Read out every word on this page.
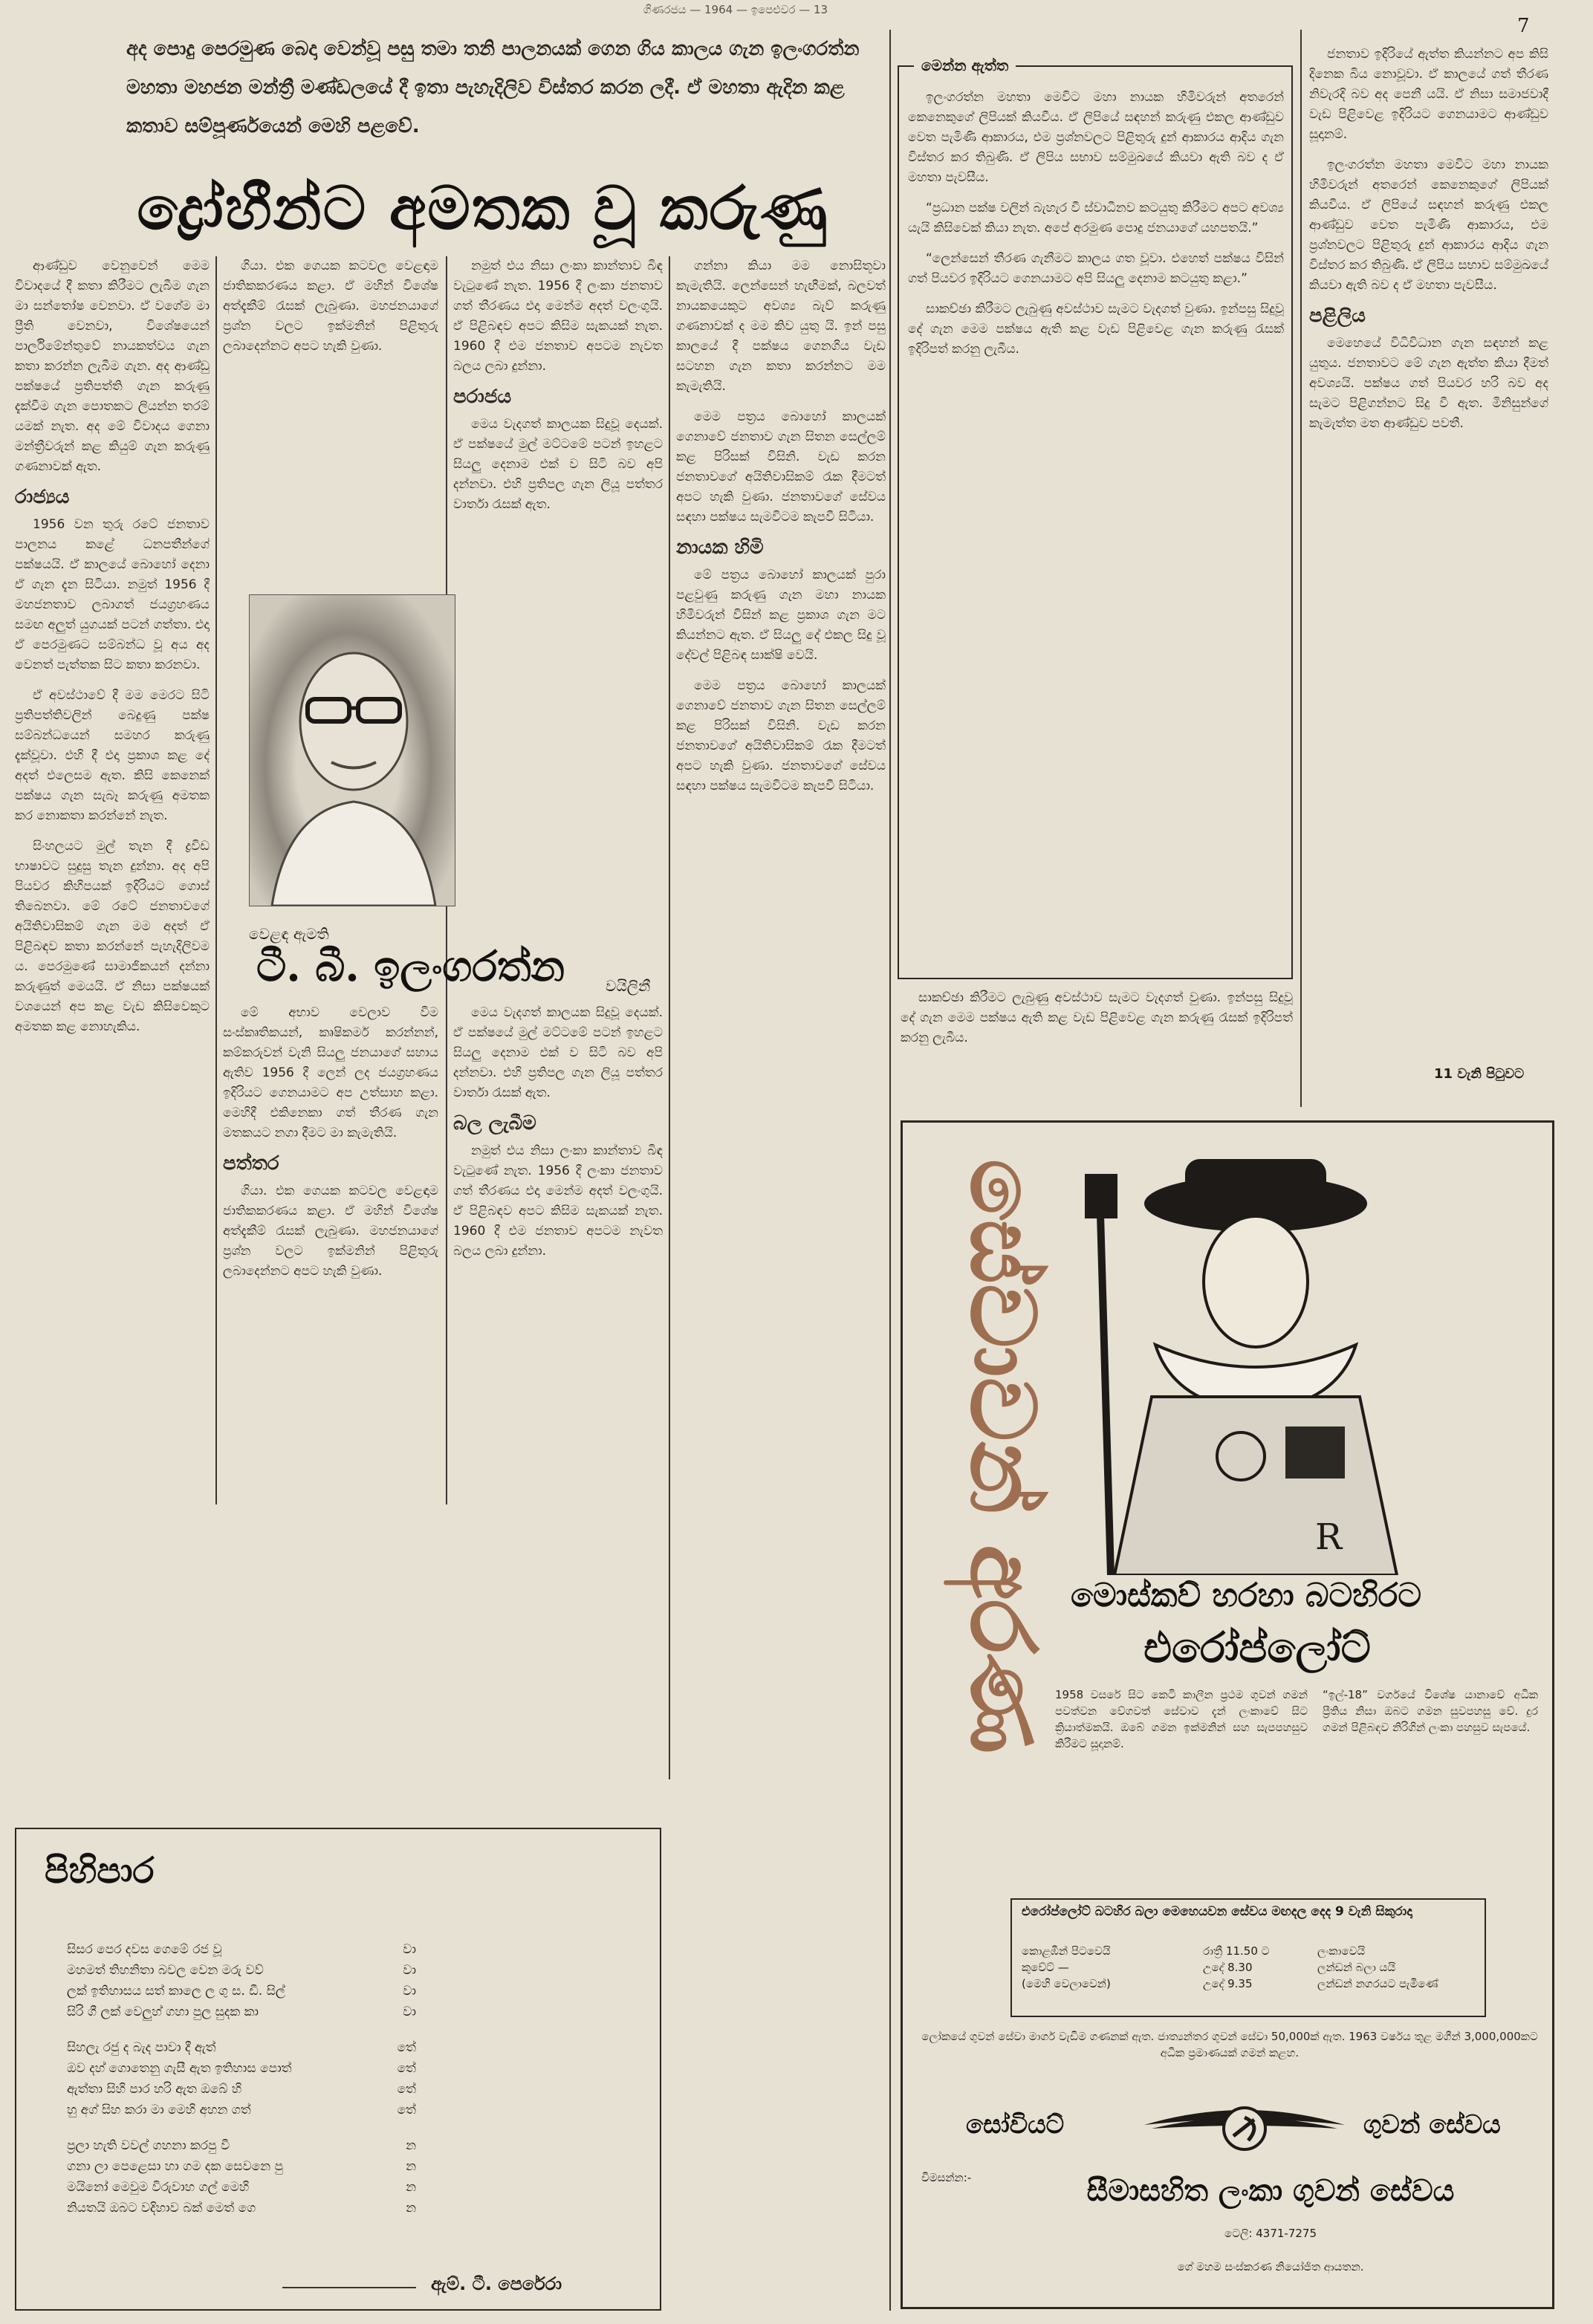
ගිණරජය — 1964 — ඉපෙළුවර — 13
7
අද පොදු පෙරමුණ බෙදා වෙන්වූ පසු තමා තනි පාලනයක් ගෙන ගිය කාලය ගැන ඉලංගරත්න මහතා මහජන මන්ත්‍රී මණ්ඩලයේ දී ඉතා පැහැදිලිව විස්තර කරන ලදී. ඒ මහතා ඇදින කළ කතාව සම්පූර්ණයෙන් මෙහි පළවේ.
ද්‍රෝහීන්ට අමතක වූ කරුණු

ආණ්ඩුව වෙනුවෙන් මෙම විවාදයේ දී කතා කිරීමට ලැබීම ගැන මා සන්තෝෂ වෙනවා. ඒ වගේම මා ප්‍රීති වෙනවා, විශේෂයෙන් පාර්ලිමේන්තුවේ නායකත්වය ගැන කතා කරන්න ලැබීම ගැන. අද ආණ්ඩු පක්ෂයේ ප්‍රතිපත්ති ගැන කරුණු දැක්වීම ගැන පොතකට ලියන්න තරම් යමක් නැත. අද මේ විවාදය ගෙනා මන්ත්‍රීවරුන් කළ කියුම් ගැන කරුණු ගණනාවක් ඇත.

රාජ්‍යය

1956 වන තුරු රටේ ජනතාව පාලනය කළේ ධනපතීන්ගේ පක්ෂයයි. ඒ කාලයේ බොහෝ දෙනා ඒ ගැන දැන සිටියා. නමුත් 1956 දී මහජනතාව ලබාගත් ජයග්‍රහණය සමඟ අලුත් යුගයක් පටන් ගත්තා. එදා ඒ පෙරමුණට සම්බන්ධ වූ අය අද වෙනත් පැත්තක සිට කතා කරනවා.

ඒ අවස්ථාවේ දී මම මෙරට සිටි ප්‍රතිපත්තිවලින් බෙදුණු පක්ෂ සම්බන්ධයෙන් සමහර කරුණු දැක්වූවා. එහි දී එදා ප්‍රකාශ කළ දේ අදත් එලෙසම ඇත. කිසි කෙනෙක් පක්ෂය ගැන සැබෑ කරුණු අමතක කර නොකතා කරන්නේ නැත.

සිංහලයට මුල් තැන දී ද්‍රවිඩ භාෂාවට සුදුසු තැන දුන්නා. අද අපි පියවර කිහිපයක් ඉදිරියට ගොස් තිබෙනවා. මේ රටේ ජනතාවගේ අයිතිවාසිකම් ගැන මම අදත් ඒ පිළිබඳව කතා කරන්නේ පැහැදිලිවම ය. පෙරමුණේ සාමාජිකයන් දන්නා කරුණුත් මෙයයි. ඒ නිසා පක්ෂයක් වශයෙන් අප කළ වැඩ කිසිවෙකුට අමතක කළ නොහැකිය.

ගියා. එක ගෙයක කටවල වෙළඳාම ජාතිකකරණය කළා. ඒ මහින් විශේෂ අත්දැකීම් රැසක් ලැබුණා. මහජනයාගේ ප්‍රශ්න වලට ඉක්මනින් පිළිතුරු ලබාදෙන්නට අපට හැකි වුණා.

නමුත් එය නිසා ලංකා කාන්තාව බිඳ වැටුණේ නැත. 1956 දී ලංකා ජනතාව ගත් තීරණය එදා මෙන්ම අදත් වලංගුයි. ඒ පිළිබඳව අපට කිසිම සැකයක් නැත. 1960 දී එම ජනතාව අපටම නැවත බලය ලබා දුන්නා.

පරාජය

මෙය වැදගත් කාලයක සිදුවූ දෙයක්. ඒ පක්ෂයේ මුල් මට්ටමේ පටන් ඉහළට සියලු දෙනාම එක් ව සිටි බව අපි දන්නවා. එහි ප්‍රතිපල ගැන ලියූ පත්තර වාර්තා රැසක් ඇත.

වෙළඳ ඇමති
ටී. බී. ඉලංගරත්න	වයිලිනී

මේ අභාව වෙලාව වීම සංස්කෘතිකයන්, කෘෂිකර්ම කරන්නන්, කම්කරුවන් වැනි සියලු ජනයාගේ සහාය ඇතිව 1956 දී ලෙන් ලද ජයග්‍රහණය ඉදිරියට ගෙනයාමට අප උත්සාහ කළා. මෙහිදී එකිනෙකා ගත් තීරණ ගැන මතකයට නගා දීමට මා කැමැතියි.

පත්තර

ගියා. එක ගෙයක කටවල වෙළඳාම ජාතිකකරණය කළා. ඒ මහින් විශේෂ අත්දැකීම් රැසක් ලැබුණා. මහජනයාගේ ප්‍රශ්න වලට ඉක්මනින් පිළිතුරු ලබාදෙන්නට අපට හැකි වුණා.

මෙය වැදගත් කාලයක සිදුවූ දෙයක්. ඒ පක්ෂයේ මුල් මට්ටමේ පටන් ඉහළට සියලු දෙනාම එක් ව සිටි බව අපි දන්නවා. එහි ප්‍රතිපල ගැන ලියූ පත්තර වාර්තා රැසක් ඇත.

බල ලැබීම

නමුත් එය නිසා ලංකා කාන්තාව බිඳ වැටුණේ නැත. 1956 දී ලංකා ජනතාව ගත් තීරණය එදා මෙන්ම අදත් වලංගුයි. ඒ පිළිබඳව අපට කිසිම සැකයක් නැත. 1960 දී එම ජනතාව අපටම නැවත බලය ලබා දුන්නා.

ගන්නා කියා මම නොසිතූවා කැමැතියි. ලෙන්සෙන් හැඟීමක්, බලවත් නායකයෙකුට අවශ්‍ය බැව් කරුණු ගණනාවක් ද මම කිව යුතු යි. ඉන් පසු කාලයේ දී පක්ෂය ගෙනගිය වැඩ සටහන ගැන කතා කරන්නට මම කැමැතියි.

මෙම පත්‍රය බොහෝ කාලයක් ගෙනාවේ ජනතාව ගැන සිතන සෙල්ලම් කළ පිරිසක් විසිනි. වැඩ කරන ජනතාවගේ අයිතිවාසිකම් රැක දීමටත් අපට හැකි වුණා. ජනතාවගේ සේවය සඳහා පක්ෂය සැමවිටම කැපවී සිටියා.

නායක හිමි

මේ පත්‍රය බොහෝ කාලයක් පුරා පළවුණු කරුණු ගැන මහා නායක හිමිවරුන් විසින් කළ ප්‍රකාශ ගැන මට කියන්නට ඇත. ඒ සියලු දේ එකල සිදු වූ දේවල් පිළිබඳ සාක්ෂි වෙයි.

මෙම පත්‍රය බොහෝ කාලයක් ගෙනාවේ ජනතාව ගැන සිතන සෙල්ලම් කළ පිරිසක් විසිනි. වැඩ කරන ජනතාවගේ අයිතිවාසිකම් රැක දීමටත් අපට හැකි වුණා. ජනතාවගේ සේවය සඳහා පක්ෂය සැමවිටම කැපවී සිටියා.

මෙන්න ඇත්ත

ඉලංගරත්න මහතා මෙවිට මහා නායක හිමිවරුන් අතරෙන් කෙනෙකුගේ ලිපියක් කියවීය. ඒ ලිපියේ සඳහන් කරුණු එකල ආණ්ඩුව වෙත පැමිණි ආකාරය, එම ප්‍රශ්නවලට පිළිතුරු දුන් ආකාරය ආදිය ගැන විස්තර කර තිබුණි. ඒ ලිපිය සභාව සම්මුඛයේ කියවා ඇති බව ද ඒ මහතා පැවසීය.

“ප්‍රධාන පක්ෂ වලින් බැහැර වී ස්වාධීනව කටයුතු කිරීමට අපට අවශ්‍ය යැයි කිසිවෙක් කියා නැත. අපේ අරමුණ පොදු ජනයාගේ යහපතයි.”

“ලෙන්සෙන් තීරණ ගැනීමට කාලය ගත වූවා. එහෙත් පක්ෂය විසින් ගත් පියවර ඉදිරියට ගෙනයාමට අපි සියලු දෙනාම කටයුතු කළා.”

සාකච්ඡා කිරීමට ලැබුණු අවස්ථාව සැමට වැදගත් වුණා. ඉන්පසු සිදුවූ දේ ගැන මෙම පක්ෂය ඇති කළ වැඩ පිළිවෙළ ගැන කරුණු රැසක් ඉදිරිපත් කරනු ලැබීය.

සාකච්ඡා කිරීමට ලැබුණු අවස්ථාව සැමට වැදගත් වුණා. ඉන්පසු සිදුවූ දේ ගැන මෙම පක්ෂය ඇති කළ වැඩ පිළිවෙළ ගැන කරුණු රැසක් ඉදිරිපත් කරනු ලැබීය.

ජනතාව ඉදිරියේ ඇත්ත කියන්නට අප කිසි දිනෙක බිය නොවූවා. ඒ කාලයේ ගත් තීරණ නිවැරදි බව අද පෙනී යයි. ඒ නිසා සමාජවාදී වැඩ පිළිවෙළ ඉදිරියට ගෙනයාමට ආණ්ඩුව සූදානම්.

ඉලංගරත්න මහතා මෙවිට මහා නායක හිමිවරුන් අතරෙන් කෙනෙකුගේ ලිපියක් කියවීය. ඒ ලිපියේ සඳහන් කරුණු එකල ආණ්ඩුව වෙත පැමිණි ආකාරය, එම ප්‍රශ්නවලට පිළිතුරු දුන් ආකාරය ආදිය ගැන විස්තර කර තිබුණි. ඒ ලිපිය සභාව සම්මුඛයේ කියවා ඇති බව ද ඒ මහතා පැවසීය.

පළිලිය

මෙහෙයේ විධිවිධාන ගැන සඳහන් කළ යුතුය. ජනතාවට මේ ගැන ඇත්ත කියා දීමත් අවශ්‍යයි. පක්ෂය ගත් පියවර හරි බව අද සැමට පිළිගන්නට සිදු වී ඇත. මිනිසුන්ගේ කැමැත්ත මත ආණ්ඩුව පවතී.

11 වැනි පිටුවට
පිහිපාර
සිසර පෙර දවස ගෙමේ රජ වූ	වා
මහමත් තිහනිතා බවල වෙන මරු වව්	වා
ලක් ඉතිහාසය සත් කාලෙ ල ගු ස. ඩී. සිල්	වා
සිරි ගී ලක් වෙලුහ් ගහා පුල සුදක කා	වා
සිහලැ රජු ද බැද පාවා දී ඇත්	තේ
ඔව දහ් ගොතෙනු ගැසී ඇත ඉතිහාස පොත්	තේ
ඇත්තා සිහි පාර හරි ඇත ඔබේ හි	තේ
හු අග් සිහ කරා මා මෙහි අහන ගත්	තේ
ප්‍රලා හැති වවල් ගහනා කරපු වී	න
ගනා ලා පෙළෙසා හා ගම දක සෙවනෙ පු	න
මයිනෝ මෙවුම විරුවාහ ගල් මෙහි	න
නියතයි ඔබට වදිහාව බක් මෙත් ගෙ	න
ඇම්. ටී. පෙරේරා
සේවාවන් අරණ	R
මොස්කව් හරහා බටහිරට
එරෝප්ලෝට්
1958 වසරේ සිට කෙටි කාලීන ප්‍රථම ගුවන් ගමන් පවත්වන වේගවත් සේවාව දැන් ලංකාවේ සිට ක්‍රියාත්මකයි. ඔබේ ගමන ඉක්මනින් සහ සැපපහසුව කිරීමට සූදානම්.
“ඉල්-18” වර්ගයේ විශේෂ යානාවේ අධික ප්‍රීතිය නිසා ඔබට ගමන සුවපහසු වේ. දුර ගමන් පිළිබඳව නිරිගින් ලංකා පහසුව සැපයේ.
එරෝප්ලෝට් බටහිර බලා මෙහෙයවන සේවය මඟදල දෙද 9 වැනි සිකුරාදා
කොළඹින් පිටවෙයි	රාත්‍රී 11.50 ට	ලංකාවෙයි
කුවේට් —	උදේ 8.30	ලන්ඩන් බලා යයි
(මෙහි වෙලාවෙන්)	උදේ 9.35	ලන්ඩන් නගරයට පැමිණේ
ලෝකයේ ගුවන් සේවා මාර්ග වැඩිම ගණනක් ඇත. ජාත්‍යන්තර ගුවන් සේවා 50,000ක් ඇත. 1963 වර්ෂය තුළ මගීන් 3,000,000කට අධික ප්‍රමාණයක් ගමන් කළහ.
සෝවියට්	ගුවන් සේවය
විමසන්න:-	සීමාසහිත ලංකා ගුවන් සේවය
ටෙලි: 4371-7275
ගේ මහම සංස්කරණ නියෝජිත ආයතන.
